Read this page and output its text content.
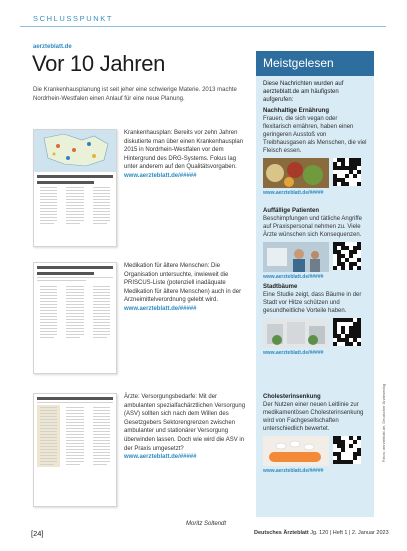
SCHLUSSPUNKT
aerzteblatt.de
Vor 10 Jahren

Die Krankenhausplanung ist seit jeher eine schwierige Materie. 2013 machte Nordrhein-Westfalen einen Anlauf für eine neue Planung.

Krankenhausplan: Bereits vor zehn Jahren diskutierte man über einen Krankenhausplan 2015 in Nordrhein-Westfalen vor dem Hintergrund des DRG-Systems. Fokus lag unter anderem auf den Qualitätsvorgaben.
www.aerzteblatt.de/#####
Medikation für ältere Menschen: Die Organisation untersuchte, inwieweit die PRISCUS-Liste (potenziell inadäquate Medikation für ältere Menschen) auch in der Arzneimittelverordnung gelebt wird.
www.aerzteblatt.de/#####
Ärzte: Versorgungsbedarfe: Mit der ambulanten spezialfachärztlichen Versorgung (ASV) sollten sich nach dem Willen des Gesetzgebers Sektorengrenzen zwischen ambulanter und stationärer Versorgung überwinden lassen. Doch wie wird die ASV in der Praxis umgesetzt?
www.aerzteblatt.de/#####
Moritz Soltendt
Meistgelesen
Diese Nachrichten wurden auf aerzteblatt.de am häufigsten aufgerufen:
Nachhaltige Ernährung
Frauen, die sich vegan oder flexitarisch ernähren, haben einen geringeren Ausstoß von Treibhausgasen als Menschen, die viel Fleisch essen.
www.aerzteblatt.de/#####
Auffällige Patienten
Beschimpfungen und tätliche Angriffe auf Praxispersonal nehmen zu. Viele Ärzte wünschen sich Konsequenzen.
www.aerzteblatt.de/#####
Stadtbäume
Eine Studie zeigt, dass Bäume in der Stadt vor Hitze schützen und gesundheitliche Vorteile haben.
www.aerzteblatt.de/#####
Cholesterinsenkung
Der Nutzen einer neuen Leitlinie zur medikamentösen Cholesterinsenkung wird von Fachgesellschaften unterschiedlich bewertet.
www.aerzteblatt.de/#####
Fotos: aerzteblatt.de, Deutscher Ärzteverlag
[24]	Deutsches Ärzteblatt Jg. 120 | Heft 1 | 2. Januar 2023
